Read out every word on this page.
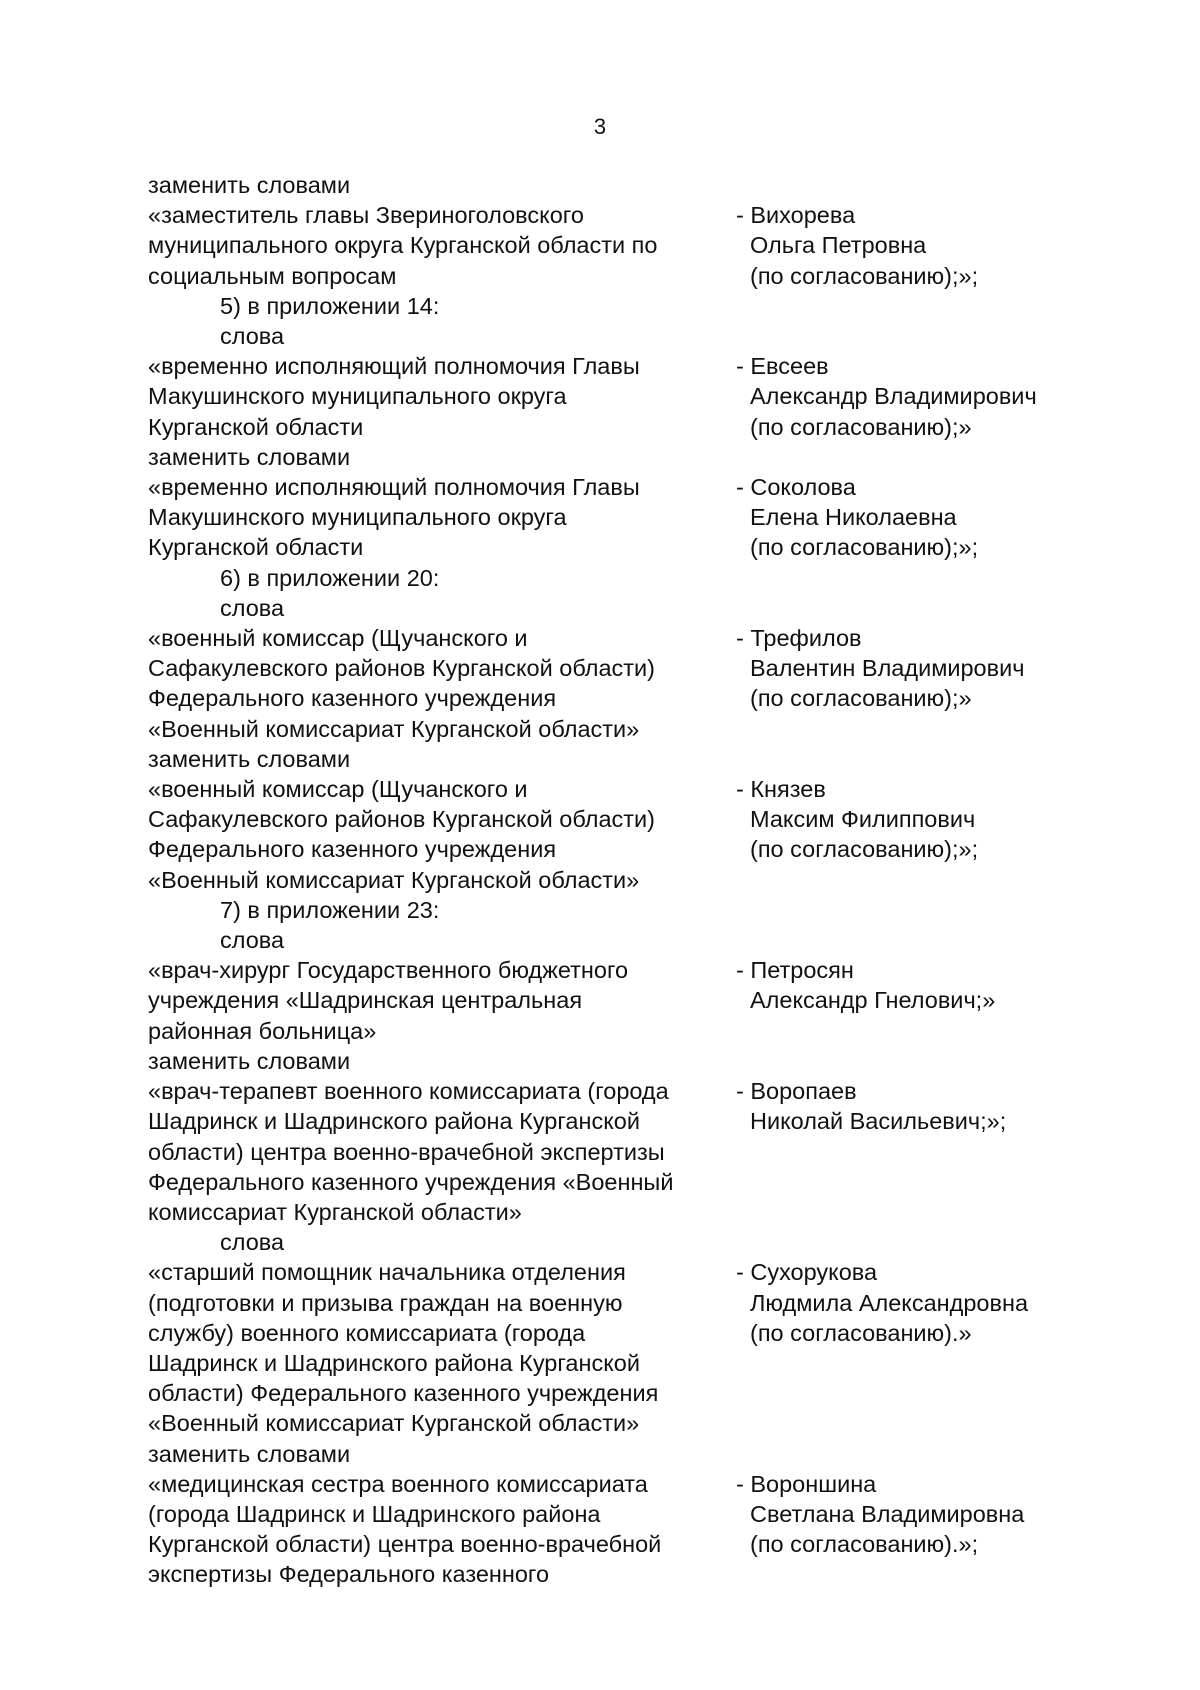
3
заменить словами
«заместитель главы Звериноголовского
муниципального округа Курганской области по
социальным вопросам
- Вихорева
Ольга Петровна
(по согласованию);»;
5) в приложении 14:
слова
«временно исполняющий полномочия Главы
Макушинского муниципального округа
Курганской области
- Евсеев
Александр Владимирович
(по согласованию);»
заменить словами
«временно исполняющий полномочия Главы
Макушинского муниципального округа
Курганской области
- Соколова
Елена Николаевна
(по согласованию);»;
6) в приложении 20:
слова
«военный комиссар (Щучанского и
Сафакулевского районов Курганской области)
Федерального казенного учреждения
«Военный комиссариат Курганской области»
- Трефилов
Валентин Владимирович
(по согласованию);»
заменить словами
«военный комиссар (Щучанского и
Сафакулевского районов Курганской области)
Федерального казенного учреждения
«Военный комиссариат Курганской области»
- Князев
Максим Филиппович
(по согласованию);»;
7) в приложении 23:
слова
«врач-хирург Государственного бюджетного
учреждения «Шадринская центральная
районная больница»
- Петросян
Александр Гнелович;»
заменить словами
«врач-терапевт военного комиссариата (города
Шадринск и Шадринского района Курганской
области) центра военно-врачебной экспертизы
Федерального казенного учреждения «Военный
комиссариат Курганской области»
- Воропаев
Николай Васильевич;»;
слова
«старший помощник начальника отделения
(подготовки и призыва граждан на военную
службу) военного комиссариата (города
Шадринск и Шадринского района Курганской
области) Федерального казенного учреждения
«Военный комиссариат Курганской области»
- Сухорукова
Людмила Александровна
(по согласованию).»
заменить словами
«медицинская сестра военного комиссариата
(города Шадринск и Шадринского района
Курганской области) центра военно-врачебной
экспертизы Федерального казенного
- Вороншина
Светлана Владимировна
(по согласованию).»;
